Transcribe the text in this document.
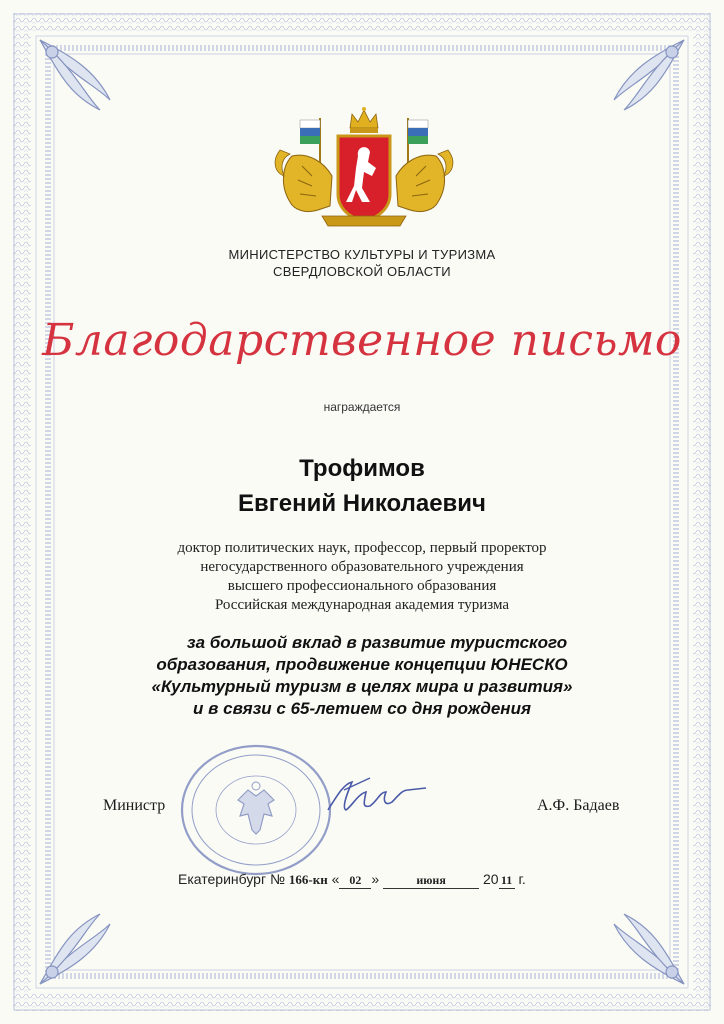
МИНИСТЕРСТВО КУЛЬТУРЫ И ТУРИЗМА
СВЕРДЛОВСКОЙ ОБЛАСТИ
Благодарственное письмо
награждается
Трофимов
Евгений Николаевич
доктор политических наук, профессор, первый проректор
негосударственного образовательного учреждения
высшего профессионального образования
Российская международная академия туризма
за большой вклад в развитие туристского
образования, продвижение концепции ЮНЕСКО
«Культурный туризм в целях мира и развития»
и в связи с 65-летием со дня рождения
Министр	А.Ф. Бадаев
Екатеринбург № 166-кн « 02 »	июня	20 11 г.
